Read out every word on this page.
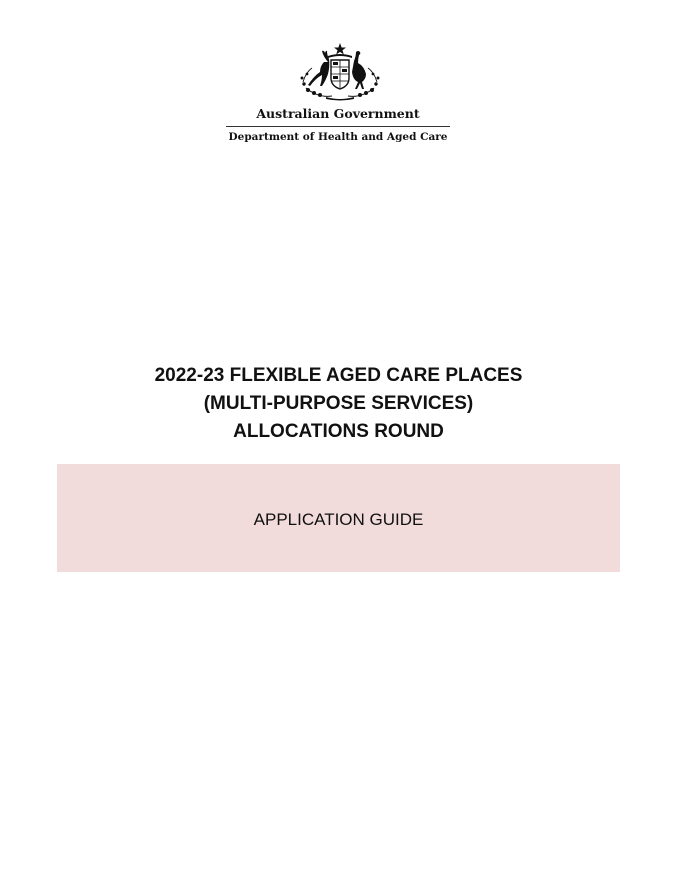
Australian Government
Department of Health and Aged Care
2022-23 FLEXIBLE AGED CARE PLACES
(MULTI-PURPOSE SERVICES)
ALLOCATIONS ROUND
APPLICATION GUIDE
